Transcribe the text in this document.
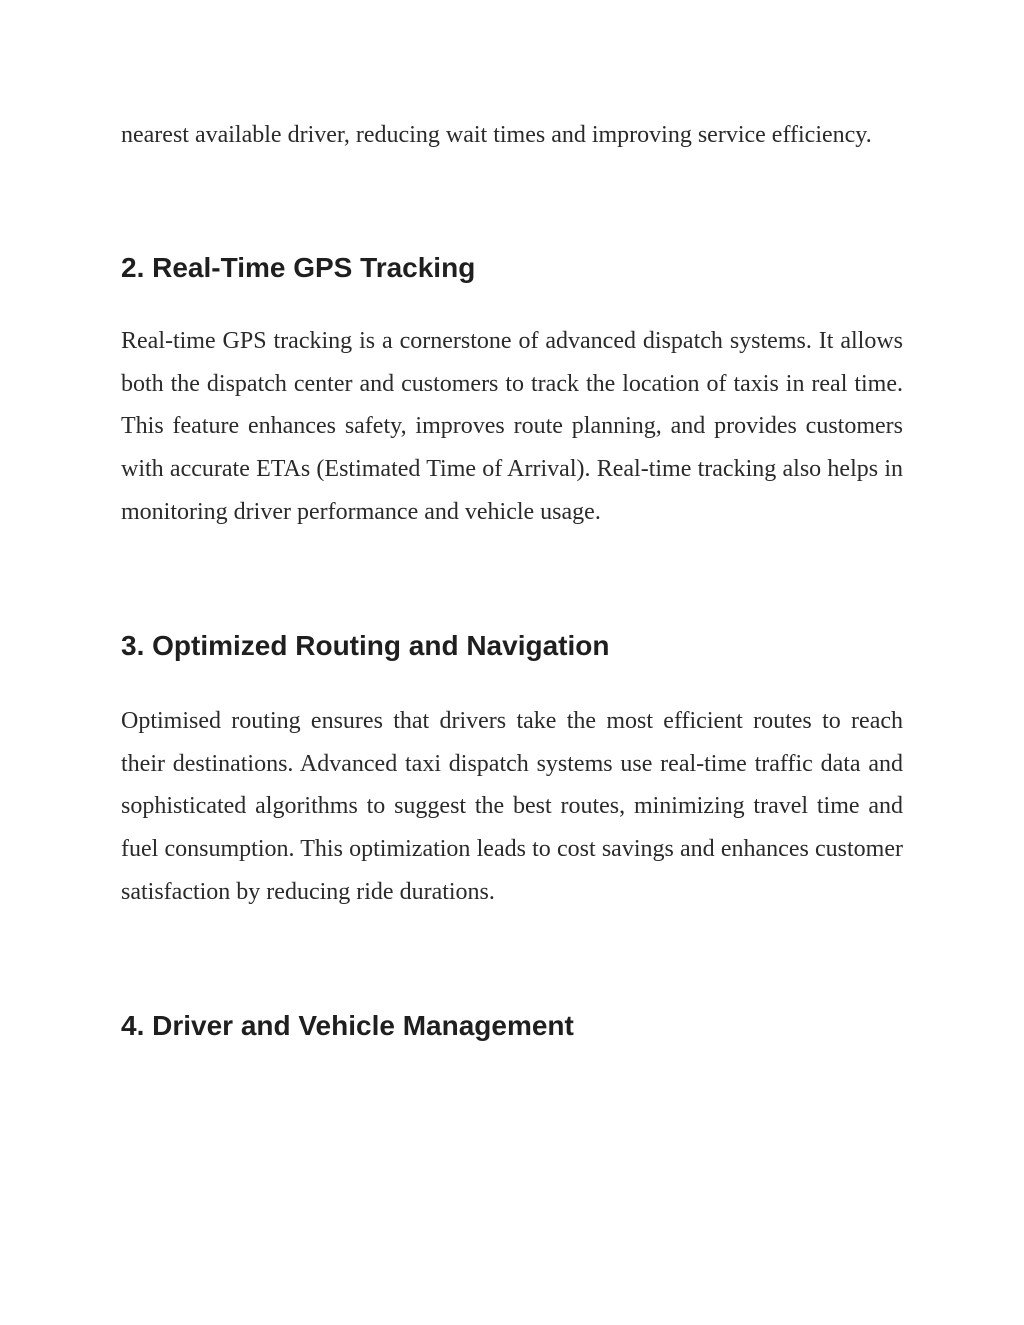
nearest available driver, reducing wait times and improving service efficiency.

2. Real-Time GPS Tracking

Real-time GPS tracking is a cornerstone of advanced dispatch systems. It allows both the dispatch center and customers to track the location of taxis in real time. This feature enhances safety, improves route planning, and provides customers with accurate ETAs (Estimated Time of Arrival). Real-time tracking also helps in monitoring driver performance and vehicle usage.

3. Optimized Routing and Navigation

Optimised routing ensures that drivers take the most efficient routes to reach their destinations. Advanced taxi dispatch systems use real-time traffic data and sophisticated algorithms to suggest the best routes, minimizing travel time and fuel consumption. This optimization leads to cost savings and enhances customer satisfaction by reducing ride durations.

4. Driver and Vehicle Management
